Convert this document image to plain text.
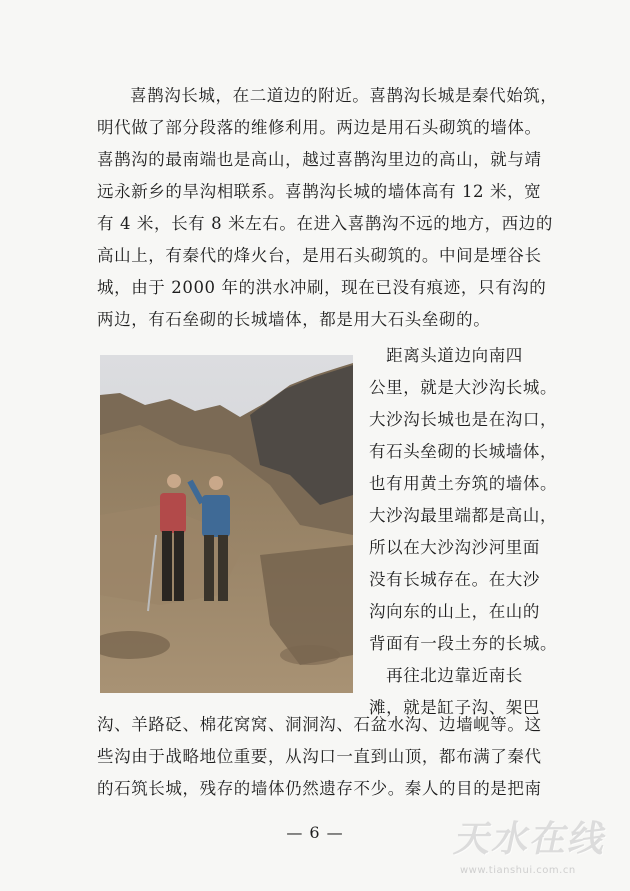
喜鹊沟长城，在二道边的附近。喜鹊沟长城是秦代始筑，
明代做了部分段落的维修利用。两边是用石头砌筑的墙体。
喜鹊沟的最南端也是高山，越过喜鹊沟里边的高山，就与靖
远永新乡的旱沟相联系。喜鹊沟长城的墙体高有 12 米，宽
有 4 米，长有 8 米左右。在进入喜鹊沟不远的地方，西边的
高山上，有秦代的烽火台，是用石头砌筑的。中间是堙谷长
城，由于 2000 年的洪水冲刷，现在已没有痕迹，只有沟的
两边，有石垒砌的长城墙体，都是用大石头垒砌的。
　距离头道边向南四
公里，就是大沙沟长城。
大沙沟长城也是在沟口，
有石头垒砌的长城墙体，
也有用黄土夯筑的墙体。
大沙沟最里端都是高山，
所以在大沙沟沙河里面
没有长城存在。在大沙
沟向东的山上，在山的
背面有一段土夯的长城。
　再往北边靠近南长
滩，就是缸子沟、架巴
沟、羊路砭、棉花窝窝、洞洞沟、石盆水沟、边墙岘等。这
些沟由于战略地位重要，从沟口一直到山顶，都布满了秦代
的石筑长城，残存的墙体仍然遗存不少。秦人的目的是把南
— 6 —	天水在线
www.tianshui.com.cn
